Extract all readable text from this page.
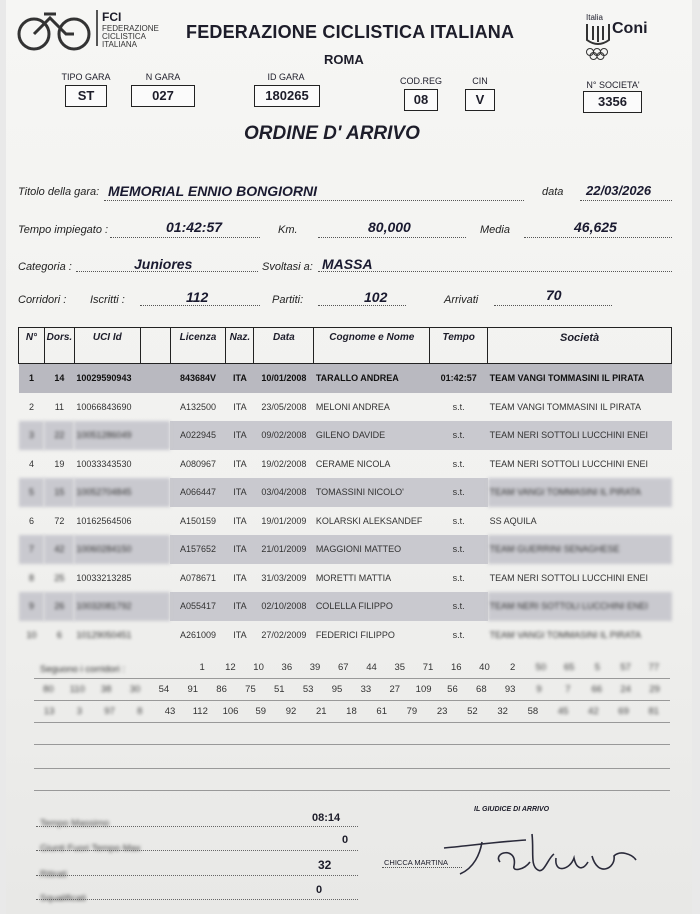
FCI
FEDERAZIONE
CICLISTICA
ITALIANA
FEDERAZIONE CICLISTICA ITALIANA
ROMA
Italia
Coni
TIPO GARA
ST
N GARA
027
ID GARA
180265
COD.REG
08
CIN
V
N° SOCIETA'
3356
ORDINE D' ARRIVO
Titolo della gara: MEMORIAL ENNIO BONGIORNI	data 22/03/2026
Tempo impiegato :	01:42:57	Km.	80,000	Media	46,625
Categoria :	Juniores	Svoltasi a: MASSA
Corridori : Iscritti :	112	Partiti:	102	Arrivati	70
N°	Dors.	UCI Id		Licenza	Naz.	Data	Cognome e Nome	Tempo	Società
1	14	10029590943		843684V	ITA	10/01/2008	TARALLO ANDREA	01:42:57	TEAM VANGI TOMMASINI IL PIRATA
2	11	10066843690		A132500	ITA	23/05/2008	MELONI ANDREA	s.t.	TEAM VANGI TOMMASINI IL PIRATA
3	22	10051286049		A022945	ITA	09/02/2008	GILENO DAVIDE	s.t.	TEAM NERI SOTTOLI LUCCHINI ENEI
4	19	10033343530		A080967	ITA	19/02/2008	CERAME NICOLA	s.t.	TEAM NERI SOTTOLI LUCCHINI ENEI
5	15	10052704845		A066447	ITA	03/04/2008	TOMASSINI NICOLO'	s.t.	TEAM VANGI TOMMASINI IL PIRATA
6	72	10162564506		A150159	ITA	19/01/2009	KOLARSKI ALEKSANDEF	s.t.	SS AQUILA
7	42	10060284150		A157652	ITA	21/01/2009	MAGGIONI MATTEO	s.t.	TEAM GUERRINI SENAGHESE
8	25	10033213285		A078671	ITA	31/03/2009	MORETTI MATTIA	s.t.	TEAM NERI SOTTOLI LUCCHINI ENEI
9	26	10032081792		A055417	ITA	02/10/2008	COLELLA FILIPPO	s.t.	TEAM NERI SOTTOLI LUCCHINI ENEI
10	6	10129050451		A261009	ITA	27/02/2009	FEDERICI FILIPPO	s.t.	TEAM VANGI TOMMASINI IL PIRATA
Seguono i corridori :	1	12	10	36	39	67	44	35	71	16	40	2	50	65	5	57	77
80	110	38	30	54	91	86	75	51	53	95	33	27	109	56	68	93	9	7	66	24	29
13	3	97	8	43	112	106	59	92	21	18	61	79	23	52	32	58	45	42	69	81
Tempo Massimo	08:14
Giunti Fuori Tempo Max
0
Ritirati
32
Squalificati
0
IL GIUDICE DI ARRIVO
CHICCA MARTINA
